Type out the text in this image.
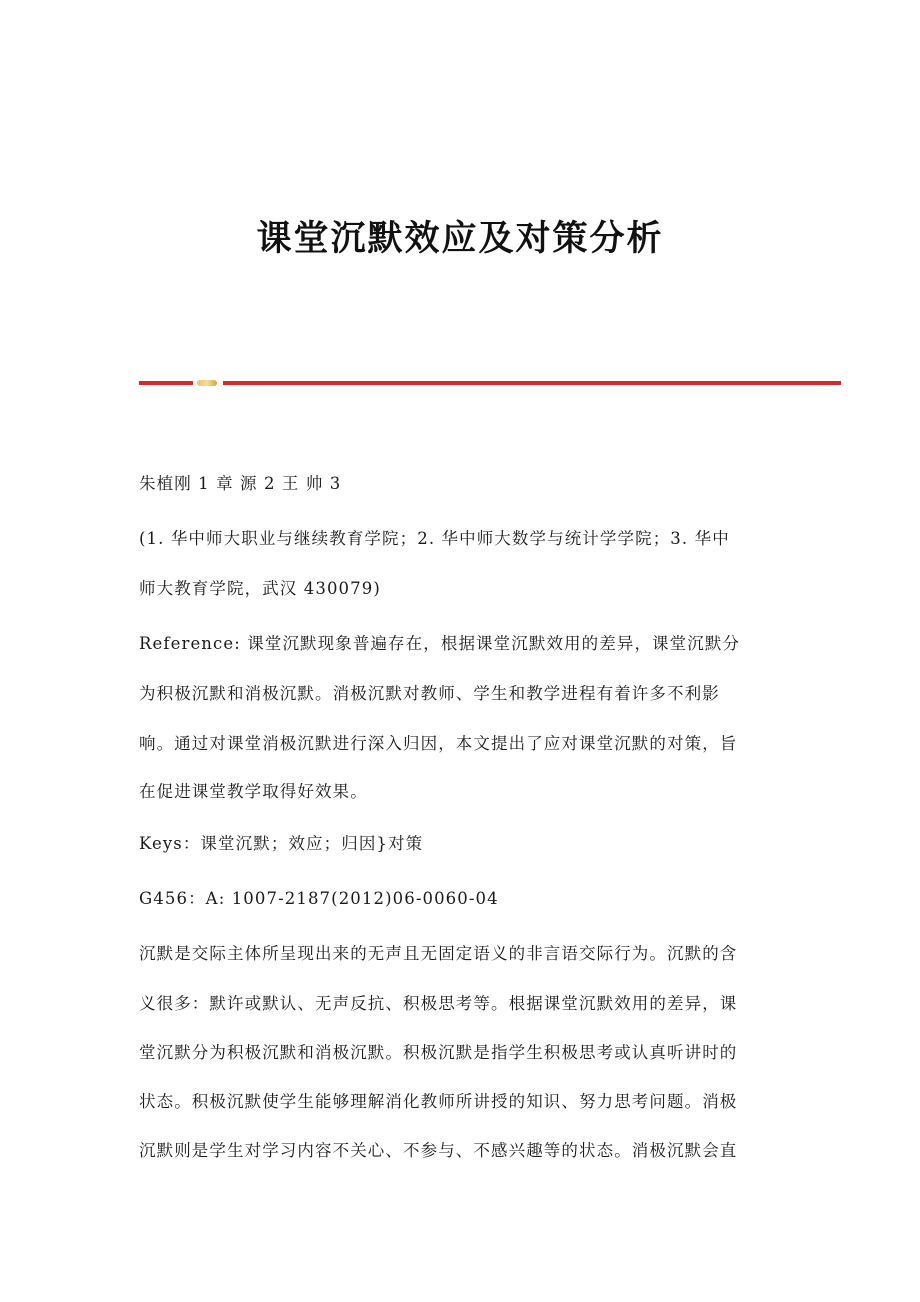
课堂沉默效应及对策分析
朱植刚 1 章 源 2 王 帅 3
(1. 华中师大职业与继续教育学院；2. 华中师大数学与统计学学院；3. 华中
师大教育学院，武汉 430079)
Reference: 课堂沉默现象普遍存在，根据课堂沉默效用的差异，课堂沉默分
为积极沉默和消极沉默。消极沉默对教师、学生和教学进程有着许多不利影
响。通过对课堂消极沉默进行深入归因，本文提出了应对课堂沉默的对策，旨
在促进课堂教学取得好效果。
Keys：课堂沉默；效应；归因}对策
G456：A: 1007-2187(2012)06-0060-04
沉默是交际主体所呈现出来的无声且无固定语义的非言语交际行为。沉默的含
义很多：默许或默认、无声反抗、积极思考等。根据课堂沉默效用的差异，课
堂沉默分为积极沉默和消极沉默。积极沉默是指学生积极思考或认真听讲时的
状态。积极沉默使学生能够理解消化教师所讲授的知识、努力思考问题。消极
沉默则是学生对学习内容不关心、不参与、不感兴趣等的状态。消极沉默会直
